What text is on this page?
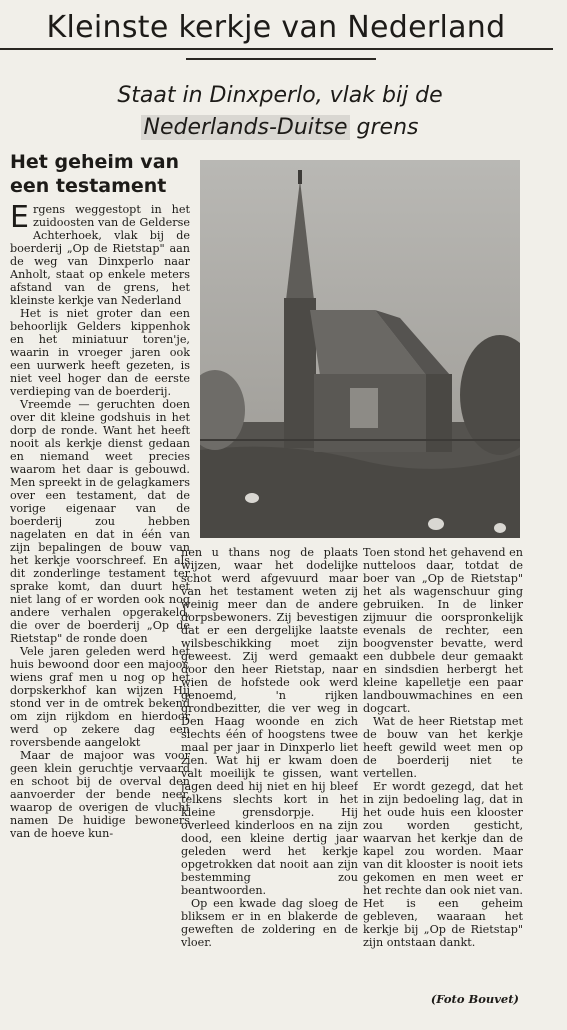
Kleinste kerkje van Nederland
Staat in Dinxperlo, vlak bij de
Nederlands-Duitse grens
Het geheim van een testament

Ergens weggestopt in het zuidoosten van de Gelderse Achterhoek, vlak bij de boerderij „Op de Rietstap" aan de weg van Dinxperlo naar Anholt, staat op enkele meters afstand van de grens, het kleinste kerkje van Nederland

Het is niet groter dan een behoorlijk Gelders kippenhok en het miniatuur toren'je, waarin in vroeger jaren ook een uurwerk heeft gezeten, is niet veel hoger dan de eerste verdieping van de boerderij.

Vreemde — geruchten doen over dit kleine godshuis in het dorp de ronde. Want het heeft nooit als kerkje dienst gedaan en niemand weet precies waarom het daar is gebouwd. Men spreekt in de gelagkamers over een testament, dat de vorige eigenaar van de boerderij zou hebben nagelaten en dat in één van zijn bepalingen de bouw van het kerkje voorschreef. En als dit zonderlinge testament ter sprake komt, dan duurt het niet lang of er worden ook nog andere verhalen opgerakeld, die over de boerderij „Op de Rietstap" de ronde doen

Vele jaren geleden werd het huis bewoond door een majoor, wiens graf men u nog op het dorpskerkhof kan wijzen Hij stond ver in de omtrek bekend om zijn rijkdom en hierdoor werd op zekere dag een roversbende aangelokt

Maar de majoor was voor geen klein geruchtje vervaard en schoot bij de overval den aanvoerder der bende neer, waarop de overigen de vlucht namen De huidige bewoners van de hoeve kun-

nen u thans nog de plaats wijzen, waar het dodelijke schot werd afgevuurd maar van het testament weten zij weinig meer dan de andere dorpsbewoners. Zij bevestigen dat er een dergelijke laatste wilsbeschikking moet zijn geweest. Zij werd gemaakt door den heer Rietstap, naar wien de hofstede ook werd genoemd, 'n rijken grondbezitter, die ver weg in Den Haag woonde en zich slechts één of hoogstens twee maal per jaar in Dinxperlo liet zien. Wat hij er kwam doen valt moeilijk te gissen, want jagen deed hij niet en hij bleef telkens slechts kort in het kleine grensdorpje. Hij overleed kinderloos en na zijn dood, een kleine dertig jaar geleden werd het kerkje opgetrokken dat nooit aan zijn bestemming zou beantwoorden.

Op een kwade dag sloeg de bliksem er in en blakerde de geweften de zoldering en de vloer.

Toen stond het gehavend en nutteloos daar, totdat de boer van „Op de Rietstap" het als wagenschuur ging gebruiken. In de linker zijmuur die oorspronkelijk evenals de rechter, een boogvenster bevatte, werd een dubbele deur gemaakt en sindsdien herbergt het kleine kapelletje een paar landbouwmachines en een dogcart.

Wat de heer Rietstap met de bouw van het kerkje heeft gewild weet men op de boerderij niet te vertellen.

Er wordt gezegd, dat het in zijn bedoeling lag, dat in het oude huis een klooster zou worden gesticht, waarvan het kerkje dan de kapel zou worden. Maar van dit klooster is nooit iets gekomen en men weet er het rechte dan ook niet van. Het is een geheim gebleven, waaraan het kerkje bij „Op de Rietstap" zijn ontstaan dankt.

(Foto Bouvet)
